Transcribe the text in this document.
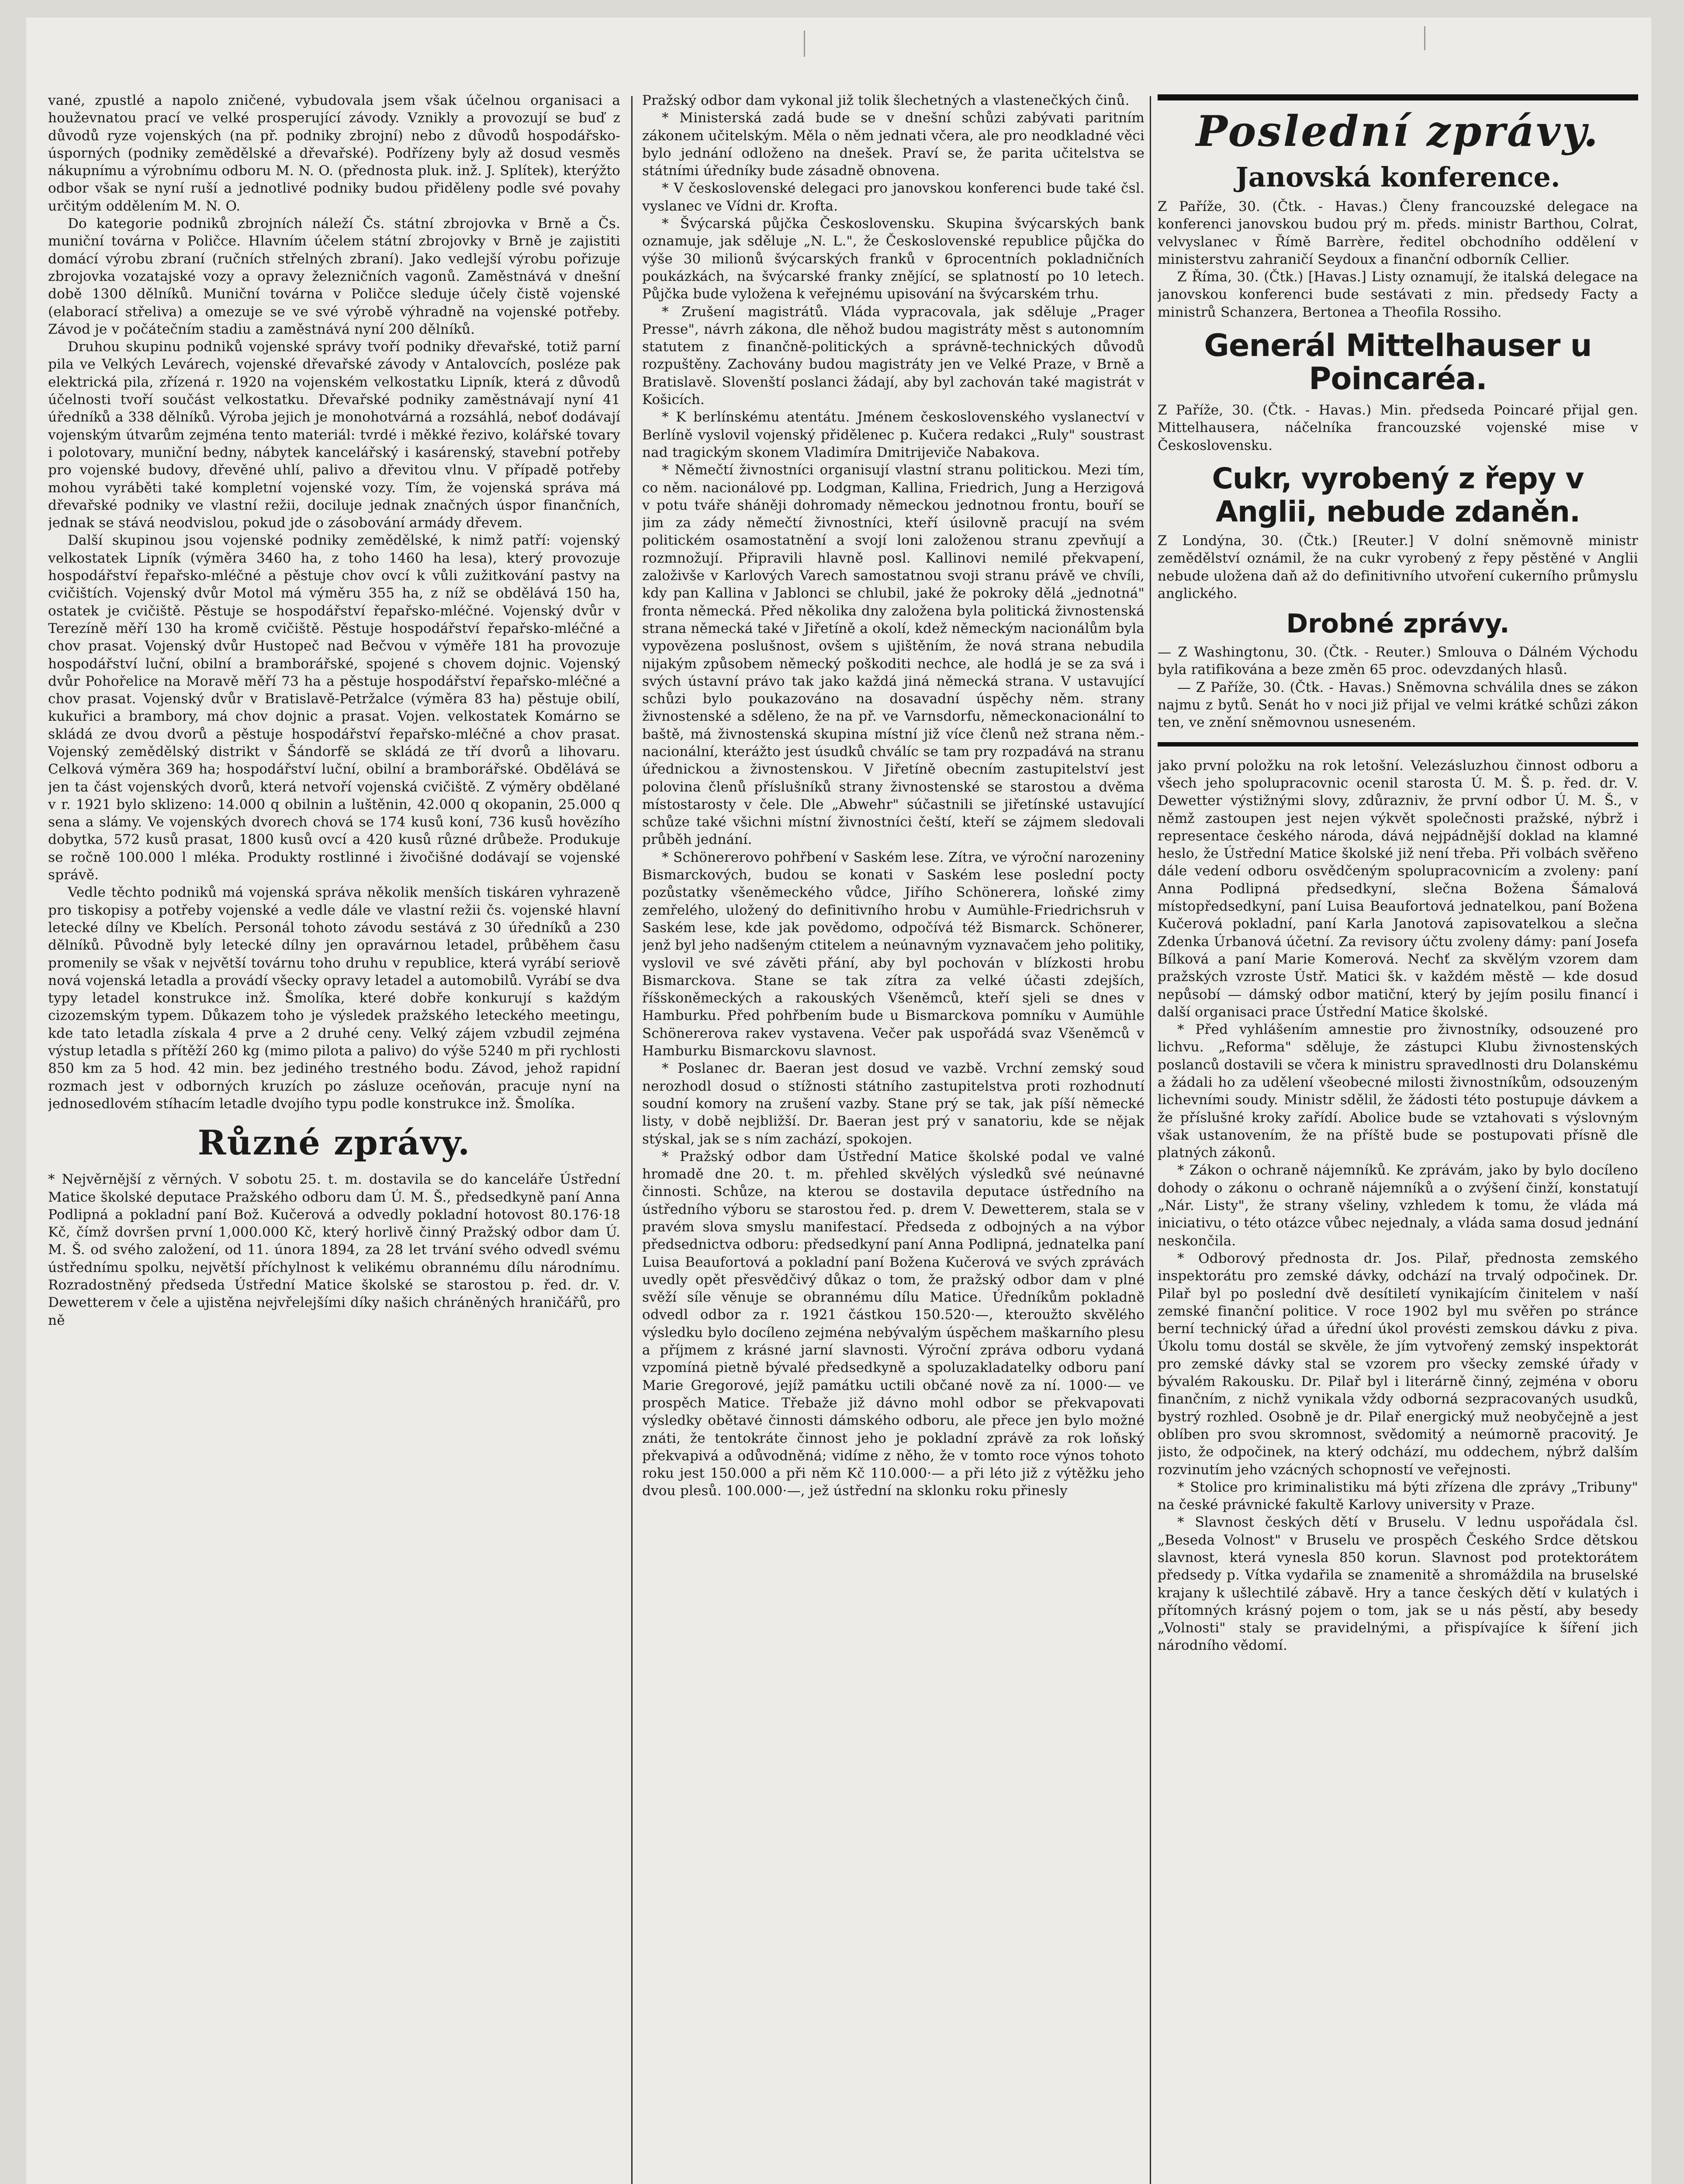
vané, zpustlé a napolo zničené, vybudovala jsem však účelnou organisaci a houževnatou prací ve velké prosperující závody. Vznikly a provozují se buď z důvodů ryze vojenských (na př. podniky zbrojní) nebo z důvodů hospodářsko-úsporných (podniky zemědělské a dřevařské). Podřízeny byly až dosud vesměs nákupnímu a výrobnímu odboru M. N. O. (přednosta pluk. inž. J. Splítek), kterýžto odbor však se nyní ruší a jednotlivé podniky budou přiděleny podle své povahy určitým oddělením M. N. O.

Do kategorie podniků zbrojních náleží Čs. státní zbrojovka v Brně a Čs. muniční továrna v Poličce. Hlavním účelem státní zbrojovky v Brně je zajistiti domácí výrobu zbraní (ručních střelných zbraní). Jako vedlejší výrobu pořizuje zbrojovka vozatajské vozy a opravy železničních vagonů. Zaměstnává v dnešní době 1300 dělníků. Muniční továrna v Poličce sleduje účely čistě vojenské (elaborací střeliva) a omezuje se ve své výrobě výhradně na vojenské potřeby. Závod je v počátečním stadiu a zaměstnává nyní 200 dělníků.

Druhou skupinu podniků vojenské správy tvoří podniky dřevařské, totiž parní pila ve Velkých Levárech, vojenské dřevařské závody v Antalovcích, posléze pak elektrická pila, zřízená r. 1920 na vojenském velkostatku Lipník, která z důvodů účelnosti tvoří součást velkostatku. Dřevařské podniky zaměstnávají nyní 41 úředníků a 338 dělníků. Výroba jejich je monohotvárná a rozsáhlá, neboť dodávají vojenským útvarům zejména tento materiál: tvrdé i měkké řezivo, kolářské tovary i polotovary, muniční bedny, nábytek kancelářský i kasárenský, stavební potřeby pro vojenské budovy, dřevěné uhlí, palivo a dřevitou vlnu. V případě potřeby mohou vyráběti také kompletní vojenské vozy. Tím, že vojenská správa má dřevařské podniky ve vlastní režii, dociluje jednak značných úspor finančních, jednak se stává neodvislou, pokud jde o zásobování armády dřevem.

Další skupinou jsou vojenské podniky zemědělské, k nimž patří: vojenský velkostatek Lipník (výměra 3460 ha, z toho 1460 ha lesa), který provozuje hospodářství řepařsko-mléčné a pěstuje chov ovcí k vůli zužitkování pastvy na cvičištích. Vojenský dvůr Motol má výměru 355 ha, z níž se obdělává 150 ha, ostatek je cvičiště. Pěstuje se hospodářství řepařsko-mléčné. Vojenský dvůr v Terezíně měří 130 ha kromě cvičiště. Pěstuje hospodářství řepařsko-mléčné a chov prasat. Vojenský dvůr Hustopeč nad Bečvou v výměře 181 ha provozuje hospodářství luční, obilní a bramborářské, spojené s chovem dojnic. Vojenský dvůr Pohořelice na Moravě měří 73 ha a pěstuje hospodářství řepařsko-mléčné a chov prasat. Vojenský dvůr v Bratislavě-Petržalce (výměra 83 ha) pěstuje obilí, kukuřici a brambory, má chov dojnic a prasat. Vojen. velkostatek Komárno se skládá ze dvou dvorů a pěstuje hospodářství řepařsko-mléčné a chov prasat. Vojenský zemědělský distrikt v Šándorfě se skládá ze tří dvorů a lihovaru. Celková výměra 369 ha; hospodářství luční, obilní a bramborářské. Obdělává se jen ta část vojenských dvorů, která netvoří vojenská cvičiště. Z výměry obdělané v r. 1921 bylo sklizeno: 14.000 q obilnin a luštěnin, 42.000 q okopanin, 25.000 q sena a slámy. Ve vojenských dvorech chová se 174 kusů koní, 736 kusů hovězího dobytka, 572 kusů prasat, 1800 kusů ovcí a 420 kusů různé drůbeže. Produkuje se ročně 100.000 l mléka. Produkty rostlinné i živočišné dodávají se vojenské správě.

Vedle těchto podniků má vojenská správa několik menších tiskáren vyhrazeně pro tiskopisy a potřeby vojenské a vedle dále ve vlastní režii čs. vojenské hlavní letecké dílny ve Kbelích. Personál tohoto závodu sestává z 30 úředníků a 230 dělníků. Původně byly letecké dílny jen opravárnou letadel, průběhem času promenily se však v největší továrnu toho druhu v republice, která vyrábí seriově nová vojenská letadla a provádí všecky opravy letadel a automobilů. Vyrábí se dva typy letadel konstrukce inž. Šmolíka, které dobře konkurují s každým cizozemským typem. Důkazem toho je výsledek pražského leteckého meetingu, kde tato letadla získala 4 prve a 2 druhé ceny. Velký zájem vzbudil zejména výstup letadla s přítěží 260 kg (mimo pilota a palivo) do výše 5240 m při rychlosti 850 km za 5 hod. 42 min. bez jediného trestného bodu. Závod, jehož rapidní rozmach jest v odborných kruzích po zásluze oceňován, pracuje nyní na jednosedlovém stíhacím letadle dvojího typu podle konstrukce inž. Šmolíka.

Různé zprávy.

* Nejvěrnější z věrných. V sobotu 25. t. m. dostavila se do kanceláře Ústřední Matice školské deputace Pražského odboru dam Ú. M. Š., předsedkyně paní Anna Podlipná a pokladní paní Bož. Kučerová a odvedly pokladní hotovost 80.176·18 Kč, čímž dovršen první 1,000.000 Kč, který horlivě činný Pražský odbor dam Ú. M. Š. od svého založení, od 11. února 1894, za 28 let trvání svého odvedl svému ústřednímu spolku, největší příchylnost k velikému obrannému dílu národnímu. Rozradostněný předseda Ústřední Matice školské se starostou p. řed. dr. V. Dewetterem v čele a ujistěna nejvřelejšími díky našich chráněných hraničářů, pro ně

Pražský odbor dam vykonal již tolik šlechetných a vlastenečkých činů.

* Ministerská zadá bude se v dnešní schůzi zabývati paritním zákonem učitelským. Měla o něm jednati včera, ale pro neodkladné věci bylo jednání odloženo na dnešek. Praví se, že parita učitelstva se státními úředníky bude zásadně obnovena.

* V československé delegaci pro janovskou konferenci bude také čsl. vyslanec ve Vídni dr. Krofta.

* Švýcarská půjčka Československu. Skupina švýcarských bank oznamuje, jak sděluje „N. L.", že Československé republice půjčka do výše 30 milionů švýcarských franků v 6procentních pokladničních poukázkách, na švýcarské franky znějící, se splatností po 10 letech. Půjčka bude vyložena k veřejnému upisování na švýcarském trhu.

* Zrušení magistrátů. Vláda vypracovala, jak sděluje „Prager Presse", návrh zákona, dle něhož budou magistráty měst s autonomním statutem z finančně-politických a správně-technických důvodů rozpuštěny. Zachovány budou magistráty jen ve Velké Praze, v Brně a Bratislavě. Slovenští poslanci žádají, aby byl zachován také magistrát v Košicích.

* K berlínskému atentátu. Jménem československého vyslanectví v Berlíně vyslovil vojenský přidělenec p. Kučera redakci „Ruly" soustrast nad tragickým skonem Vladimíra Dmitrijeviče Nabakova.

* Němečtí živnostníci organisují vlastní stranu politickou. Mezi tím, co něm. nacionálové pp. Lodgman, Kallina, Friedrich, Jung a Herzigová v potu tváře sháněji dohromady německou jednotnou frontu, bouří se jim za zády němečtí živnostníci, kteří úsilovně pracují na svém politickém osamostatnění a svojí loni založenou stranu zpevňují a rozmnožují. Připravili hlavně posl. Kallinovi nemilé překvapení, založivše v Karlových Varech samostatnou svoji stranu právě ve chvíli, kdy pan Kallina v Jablonci se chlubil, jaké že pokroky dělá „jednotná" fronta německá. Před několika dny založena byla politická živnostenská strana německá také v Jiřetíně a okolí, kdež německým nacionálům byla vypovězena poslušnost, ovšem s ujištěním, že nová strana nebudila nijakým způsobem německý poškoditi nechce, ale hodlá je se za svá i svých ústavní právo tak jako každá jiná německá strana. V ustavující schůzi bylo poukazováno na dosavadní úspěchy něm. strany živnostenské a sděleno, že na př. ve Varnsdorfu, německonacionální to baště, má živnostenská skupina místní již více členů než strana něm.-nacionální, kterážto jest úsudků chválíc se tam pry rozpadává na stranu úřednickou a živnostenskou. V Jiřetíně obecním zastupitelství jest polovina členů příslušníků strany živnostenské se starostou a dvěma místostarosty v čele. Dle „Abwehr" súčastnili se jiřetínské ustavující schůze také všichni místní živnostníci čeští, kteří se zájmem sledovali průběh jednání.

* Schönererovo pohřbení v Saském lese. Zítra, ve výroční narozeniny Bismarckových, budou se konati v Saském lese poslední pocty pozůstatky všeněmeckého vůdce, Jiřího Schönerera, loňské zimy zemřelého, uložený do definitivního hrobu v Aumühle-Friedrichsruh v Saském lese, kde jak povědomo, odpočívá též Bismarck. Schönerer, jenž byl jeho nadšeným ctitelem a neúnavným vyznavačem jeho politiky, vyslovil ve své závěti přání, aby byl pochován v blízkosti hrobu Bismarckova. Stane se tak zítra za velké účasti zdejších, říšskoněmeckých a rakouských Všeněmců, kteří sjeli se dnes v Hamburku. Před pohřbením bude u Bismarckova pomníku v Aumühle Schönererova rakev vystavena. Večer pak uspořádá svaz Všeněmců v Hamburku Bismarckovu slavnost.

* Poslanec dr. Baeran jest dosud ve vazbě. Vrchní zemský soud nerozhodl dosud o stížnosti státního zastupitelstva proti rozhodnutí soudní komory na zrušení vazby. Stane prý se tak, jak píší německé listy, v době nejbližší. Dr. Baeran jest prý v sanatoriu, kde se nějak stýskal, jak se s ním zachází, spokojen.

* Pražský odbor dam Ústřední Matice školské podal ve valné hromadě dne 20. t. m. přehled skvělých výsledků své neúnavné činnosti. Schůze, na kterou se dostavila deputace ústředního na ústředního výboru se starostou řed. p. drem V. Dewetterem, stala se v pravém slova smyslu manifestací. Předseda z odbojných a na výbor předsednictva odboru: předsedkyní paní Anna Podlipná, jednatelka paní Luisa Beaufortová a pokladní paní Božena Kučerová ve svých zprávách uvedly opět přesvědčivý důkaz o tom, že pražský odbor dam v plné svěží síle věnuje se obrannému dílu Matice. Úředníkům pokladně odvedl odbor za r. 1921 částkou 150.520·—, kteroužto skvělého výsledku bylo docíleno zejména nebývalým úspěchem maškarního plesu a příjmem z krásné jarní slavnosti. Výroční zpráva odboru vydaná vzpomíná pietně bývalé předsedkyně a spoluzakladatelky odboru paní Marie Gregorové, jejíž památku uctili občané nově za ní. 1000·— ve prospěch Matice. Třebaže již dávno mohl odbor se překvapovati výsledky obětavé činnosti dámského odboru, ale přece jen bylo možné znáti, že tentokráte činnost jeho je pokladní zprávě za rok loňský překvapivá a odůvodněná; vidíme z něho, že v tomto roce výnos tohoto roku jest 150.000 a při něm Kč 110.000·— a při léto již z výtěžku jeho dvou plesů. 100.000·—, jež ústřední na sklonku roku přinesly

Poslední zprávy.
Janovská konference.

Z Paříže, 30. (Čtk. - Havas.) Členy francouzské delegace na konferenci janovskou budou prý m. předs. ministr Barthou, Colrat, velvyslanec v Římě Barrère, ředitel obchodního oddělení v ministerstvu zahraničí Seydoux a finanční odborník Cellier.

Z Říma, 30. (Čtk.) [Havas.] Listy oznamují, že italská delegace na janovskou konferenci bude sestávati z min. předsedy Facty a ministrů Schanzera, Bertonea a Theofila Rossiho.

Generál Mittelhauser u Poincaréa.

Z Paříže, 30. (Čtk. - Havas.) Min. předseda Poincaré přijal gen. Mittelhausera, náčelníka francouzské vojenské mise v Československu.

Cukr, vyrobený z řepy v Anglii, nebude zdaněn.

Z Londýna, 30. (Čtk.) [Reuter.] V dolní sněmovně ministr zemědělství oznámil, že na cukr vyrobený z řepy pěstěné v Anglii nebude uložena daň až do definitivního utvoření cukerního průmyslu anglického.

Drobné zprávy.

— Z Washingtonu, 30. (Čtk. - Reuter.) Smlouva o Dálném Východu byla ratifikována a beze změn 65 proc. odevzdaných hlasů.

— Z Paříže, 30. (Čtk. - Havas.) Sněmovna schválila dnes se zákon najmu z bytů. Senát ho v noci již přijal ve velmi krátké schůzi zákon ten, ve znění sněmovnou usneseném.

jako první položku na rok letošní. Velezásluzhou činnost odboru a všech jeho spolupracovnic ocenil starosta Ú. M. Š. p. řed. dr. V. Dewetter výstižnými slovy, zdůrazniv, že první odbor Ú. M. Š., v němž zastoupen jest nejen výkvět společnosti pražské, nýbrž i representace českého národa, dává nejpádnější doklad na klamné heslo, že Ústřední Matice školské již není třeba. Při volbách svěřeno dále vedení odboru osvědčeným spolupracovnicím a zvoleny: paní Anna Podlipná předsedkyní, slečna Božena Šámalová místopředsedkyní, paní Luisa Beaufortová jednatelkou, paní Božena Kučerová pokladní, paní Karla Janotová zapisovatelkou a slečna Zdenka Úrbanová účetní. Za revisory účtu zvoleny dámy: paní Josefa Bílková a paní Marie Komerová. Nechť za skvělým vzorem dam pražských vzroste Ústř. Matici šk. v každém městě — kde dosud nepůsobí — dámský odbor matiční, který by jejím posilu financí i další organisaci prace Ústřední Matice školské.

* Před vyhlášením amnestie pro živnostníky, odsouzené pro lichvu. „Reforma" sděluje, že zástupci Klubu živnostenských poslanců dostavili se včera k ministru spravedlnosti dru Dolanskému a žádali ho za udělení všeobecné milosti živnostníkům, odsouzeným lichevními soudy. Ministr sdělil, že žádosti této postupuje dávkem a že příslušné kroky zařídí. Abolice bude se vztahovati s výslovným však ustanovením, že na příště bude se postupovati přísně dle platných zákonů.

* Zákon o ochraně nájemníků. Ke zprávám, jako by bylo docíleno dohody o zákonu o ochraně nájemníků a o zvýšení činží, konstatují „Nár. Listy", že strany všeliny, vzhledem k tomu, že vláda má iniciativu, o této otázce vůbec nejednaly, a vláda sama dosud jednání neskončila.

* Odborový přednosta dr. Jos. Pilař, přednosta zemského inspektorátu pro zemské dávky, odchází na trvalý odpočinek. Dr. Pilař byl po poslední dvě desítiletí vynikajícím činitelem v naší zemské finanční politice. V roce 1902 byl mu svěřen po stránce berní technický úřad a úřední úkol provésti zemskou dávku z piva. Úkolu tomu dostál se skvěle, že jím vytvořený zemský inspektorát pro zemské dávky stal se vzorem pro všecky zemské úřady v bývalém Rakousku. Dr. Pilař byl i literárně činný, zejména v oboru finančním, z nichž vynikala vždy odborná sezpracovaných usudků, bystrý rozhled. Osobně je dr. Pilař energický muž neobyčejně a jest oblíben pro svou skromnost, svědomitý a neúmorně pracovitý. Je jisto, že odpočinek, na který odchází, mu oddechem, nýbrž dalším rozvinutím jeho vzácných schopností ve veřejnosti.

* Stolice pro kriminalistiku má býti zřízena dle zprávy „Tribuny" na české právnické fakultě Karlovy university v Praze.

* Slavnost českých dětí v Bruselu. V lednu uspořádala čsl. „Beseda Volnost" v Bruselu ve prospěch Českého Srdce dětskou slavnost, která vynesla 850 korun. Slavnost pod protektorátem předsedy p. Vítka vydařila se znamenitě a shromáždila na bruselské krajany k ušlechtilé zábavě. Hry a tance českých dětí v kulatých i přítomných krásný pojem o tom, jak se u nás pěstí, aby besedy „Volnosti" staly se pravidelnými, a přispívajíce k šíření jich národního vědomí.
